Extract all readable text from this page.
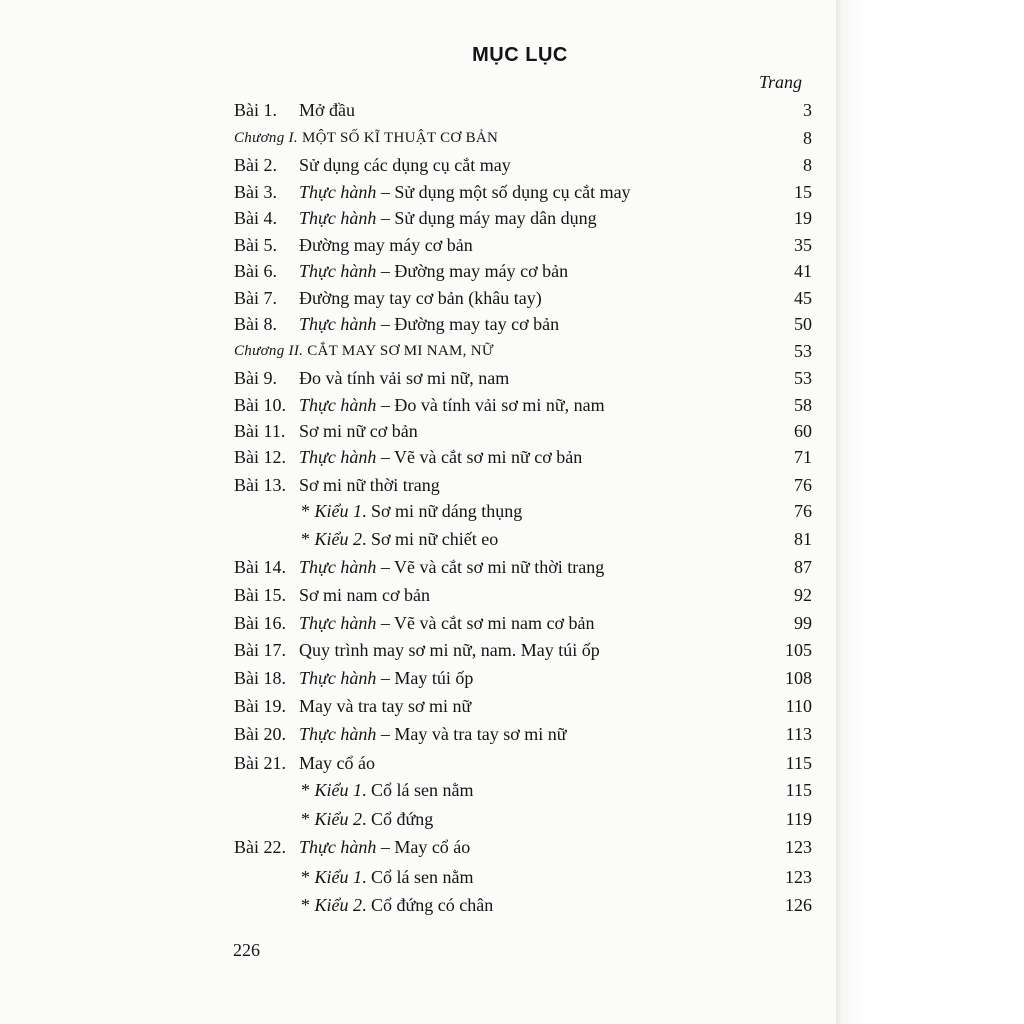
MỤC LỤC
Trang
Bài 1. Mở đầu	3
Chương I. MỘT SỐ KĨ THUẬT CƠ BẢN	8
Bài 2. Sử dụng các dụng cụ cắt may	8
Bài 3. Thực hành – Sử dụng một số dụng cụ cắt may	15
Bài 4. Thực hành – Sử dụng máy may dân dụng	19
Bài 5. Đường may máy cơ bản	35
Bài 6. Thực hành – Đường may máy cơ bản	41
Bài 7. Đường may tay cơ bản (khâu tay)	45
Bài 8. Thực hành – Đường may tay cơ bản	50
Chương II. CẮT MAY SƠ MI NAM, NỮ	53
Bài 9. Đo và tính vải sơ mi nữ, nam	53
Bài 10. Thực hành – Đo và tính vải sơ mi nữ, nam	58
Bài 11. Sơ mi nữ cơ bản	60
Bài 12. Thực hành – Vẽ và cắt sơ mi nữ cơ bản	71
Bài 13. Sơ mi nữ thời trang	76
* Kiểu 1. Sơ mi nữ dáng thụng	76
* Kiểu 2. Sơ mi nữ chiết eo	81
Bài 14. Thực hành – Vẽ và cắt sơ mi nữ thời trang	87
Bài 15. Sơ mi nam cơ bản	92
Bài 16. Thực hành – Vẽ và cắt sơ mi nam cơ bản	99
Bài 17. Quy trình may sơ mi nữ, nam. May túi ốp	105
Bài 18. Thực hành – May túi ốp	108
Bài 19. May và tra tay sơ mi nữ	110
Bài 20. Thực hành – May và tra tay sơ mi nữ	113
Bài 21. May cổ áo	115
* Kiểu 1. Cổ lá sen nằm	115
* Kiểu 2. Cổ đứng	119
Bài 22. Thực hành – May cổ áo	123
* Kiểu 1. Cổ lá sen nằm	123
* Kiểu 2. Cổ đứng có chân	126
226
